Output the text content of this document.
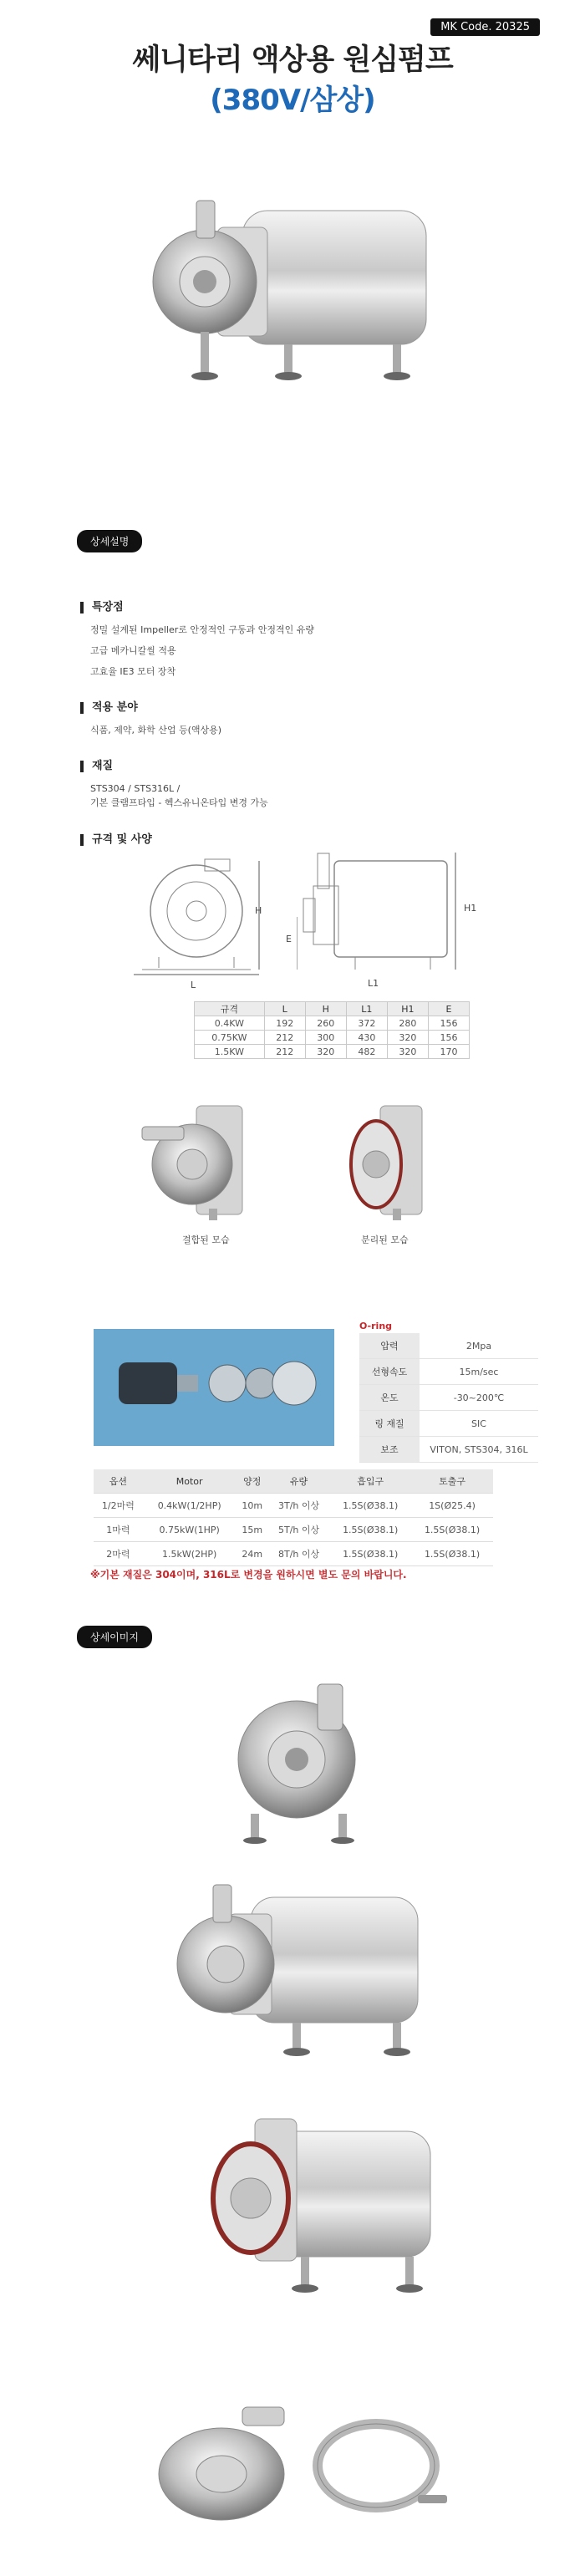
MK Code. 20325
쎄니타리 액상용 원심펌프
(380V/삼상)
상세설명
특장점
정밀 설계된 Impeller로 안정적인 구동과 안정적인 유량
고급 메카니칼씰 적용
고효율 IE3 모터 장착
적용 분야
식품, 제약, 화학 산업 등(액상용)
재질
STS304 / STS316L /
기본 클램프타입 - 헥스유니온타입 변경 가능
규격 및 사양
H
L
E
H1
L1
규격	L	H	L1	H1	E
0.4KW	192	260	372	280	156
0.75KW	212	300	430	320	156
1.5KW	212	320	482	320	170
결합된 모습	분리된 모습
O-ring
압력	2Mpa
선형속도	15m/sec
온도	-30~200℃
링 재질	SIC
보조	VITON, STS304, 316L
옵션	Motor	양정	유량	흡입구	토출구
1/2마력	0.4kW(1/2HP)	10m	3T/h 이상	1.5S(Ø38.1)	1S(Ø25.4)
1마력	0.75kW(1HP)	15m	5T/h 이상	1.5S(Ø38.1)	1.5S(Ø38.1)
2마력	1.5kW(2HP)	24m	8T/h 이상	1.5S(Ø38.1)	1.5S(Ø38.1)
※기본 재질은 304이며, 316L로 변경을 원하시면 별도 문의 바랍니다.
상세이미지
